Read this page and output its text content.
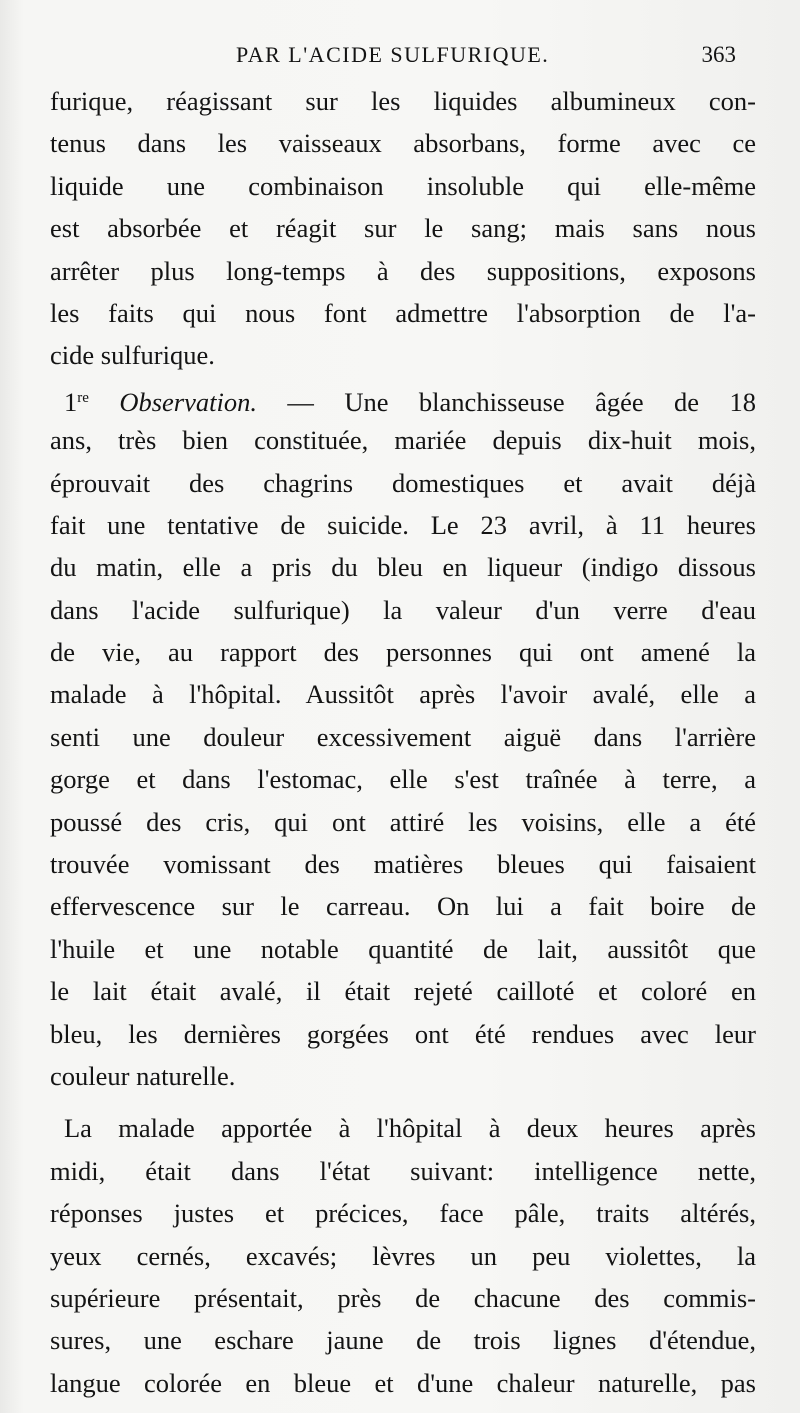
PAR L'ACIDE SULFURIQUE.	363
furique, réagissant sur les liquides albumineux con-
tenus dans les vaisseaux absorbans, forme avec ce
liquide une combinaison insoluble qui elle-même
est absorbée et réagit sur le sang; mais sans nous
arrêter plus long-temps à des suppositions, exposons
les faits qui nous font admettre l'absorption de l'a-
cide sulfurique.
1re Observation. — Une blanchisseuse âgée de 18
ans, très bien constituée, mariée depuis dix-huit mois,
éprouvait des chagrins domestiques et avait déjà
fait une tentative de suicide. Le 23 avril, à 11 heures
du matin, elle a pris du bleu en liqueur (indigo dissous
dans l'acide sulfurique) la valeur d'un verre d'eau
de vie, au rapport des personnes qui ont amené la
malade à l'hôpital. Aussitôt après l'avoir avalé, elle a
senti une douleur excessivement aiguë dans l'arrière
gorge et dans l'estomac, elle s'est traînée à terre, a
poussé des cris, qui ont attiré les voisins, elle a été
trouvée vomissant des matières bleues qui faisaient
effervescence sur le carreau. On lui a fait boire de
l'huile et une notable quantité de lait, aussitôt que
le lait était avalé, il était rejeté cailloté et coloré en
bleu, les dernières gorgées ont été rendues avec leur
couleur naturelle.
La malade apportée à l'hôpital à deux heures après
midi, était dans l'état suivant: intelligence nette,
réponses justes et précices, face pâle, traits altérés,
yeux cernés, excavés; lèvres un peu violettes, la
supérieure présentait, près de chacune des commis-
sures, une eschare jaune de trois lignes d'étendue,
langue colorée en bleue et d'une chaleur naturelle, pas
